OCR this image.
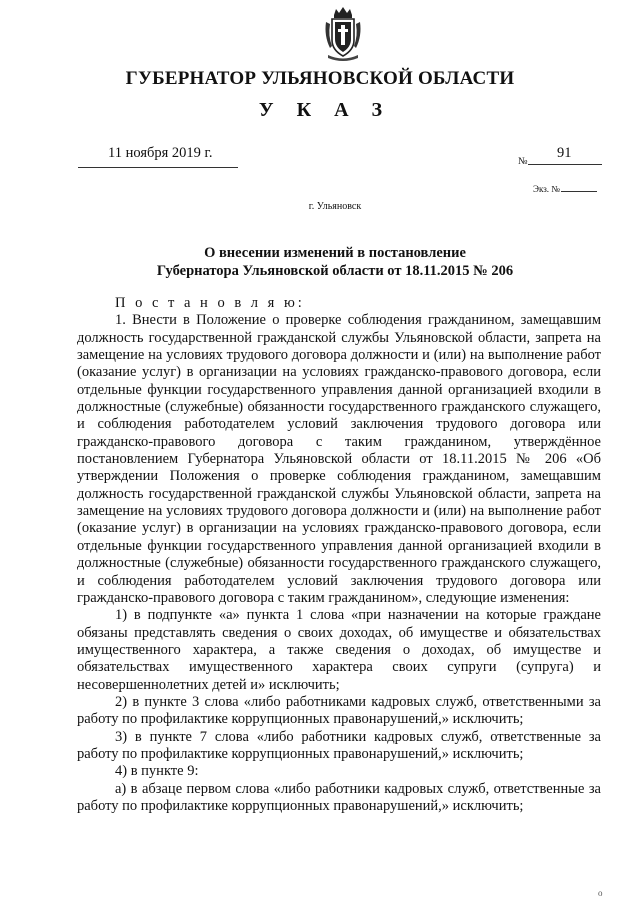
ГУБЕРНАТОР УЛЬЯНОВСКОЙ ОБЛАСТИ
У К А З
11 ноября 2019 г.
№
91
Экз. №
г. Ульяновск
О внесении изменений в постановление
Губернатора Ульяновской области от 18.11.2015 № 206

П о с т а н о в л я ю:

1. Внести в Положение о проверке соблюдения гражданином, замещавшим должность государственной гражданской службы Ульяновской области, запрета на замещение на условиях трудового договора должности и (или) на выполнение работ (оказание услуг) в организации на условиях гражданско-правового договора, если отдельные функции государственного управления данной организацией входили в должностные (служебные) обязанности государственного гражданского служащего, и соблюдения работодателем условий заключения трудового договора или гражданско-правового договора с таким гражданином, утверждённое постановлением Губернатора Ульяновской области от 18.11.2015 № 206 «Об утверждении Положения о проверке соблюдения гражданином, замещавшим должность государственной гражданской службы Ульяновской области, запрета на замещение на условиях трудового договора должности и (или) на выполнение работ (оказание услуг) в организации на условиях гражданско-правового договора, если отдельные функции государственного управления данной организацией входили в должностные (служебные) обязанности государственного гражданского служащего, и соблюдения работодателем условий заключения трудового договора или гражданско-правового договора с таким гражданином», следующие изменения:

1) в подпункте «а» пункта 1 слова «при назначении на которые граждане обязаны представлять сведения о своих доходах, об имуществе и обязательствах имущественного характера, а также сведения о доходах, об имуществе и обязательствах имущественного характера своих супруги (супруга) и несовершеннолетних детей и» исключить;

2) в пункте 3 слова «либо работниками кадровых служб, ответственными за работу по профилактике коррупционных правонарушений,» исключить;

3) в пункте 7 слова «либо работники кадровых служб, ответственные за работу по профилактике коррупционных правонарушений,» исключить;

4) в пункте 9:

а) в абзаце первом слова «либо работники кадровых служб, ответственные за работу по профилактике коррупционных правонарушений,» исключить;

о
